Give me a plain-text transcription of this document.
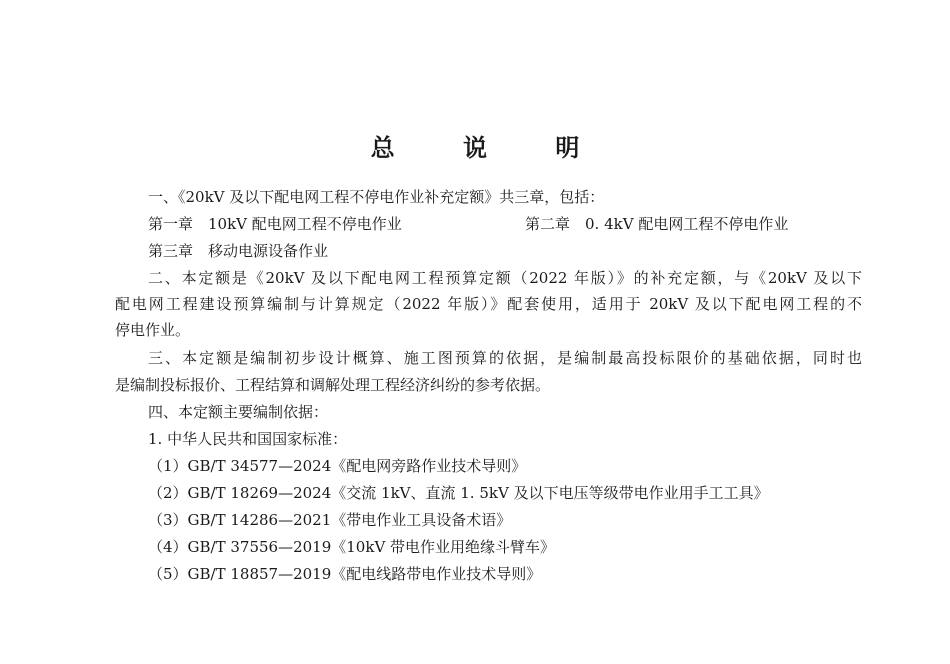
总 说 明
一、《20kV 及以下配电网工程不停电作业补充定额》共三章，包括：
第一章　10kV 配电网工程不停电作业	第二章　0. 4kV 配电网工程不停电作业
第三章　移动电源设备作业
二、本定额是《20kV 及以下配电网工程预算定额（2022 年版）》的补充定额，与《20kV 及以下
配电网工程建设预算编制与计算规定（2022 年版）》配套使用，适用于 20kV 及以下配电网工程的不
停电作业。
三、本定额是编制初步设计概算、施工图预算的依据，是编制最高投标限价的基础依据，同时也
是编制投标报价、工程结算和调解处理工程经济纠纷的参考依据。
四、本定额主要编制依据：
1. 中华人民共和国国家标准：
（1）GB/T 34577—2024《配电网旁路作业技术导则》
（2）GB/T 18269—2024《交流 1kV、直流 1. 5kV 及以下电压等级带电作业用手工工具》
（3）GB/T 14286—2021《带电作业工具设备术语》
（4）GB/T 37556—2019《10kV 带电作业用绝缘斗臂车》
（5）GB/T 18857—2019《配电线路带电作业技术导则》
